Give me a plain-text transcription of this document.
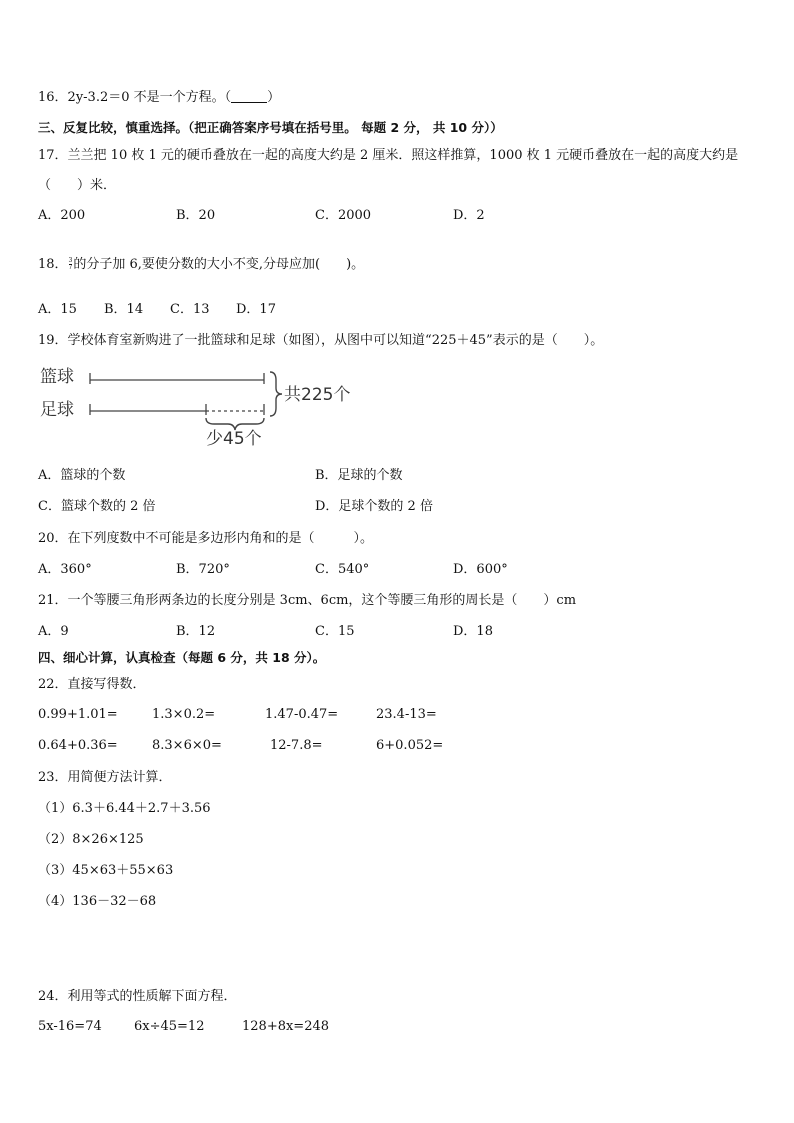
16．2y-3.2＝0 不是一个方程。（	）
三、反复比较，慎重选择。（把正确答案序号填在括号里。 每题 2 分， 共 10 分））
17．兰兰把 10 枚 1 元的硬币叠放在一起的高度大约是 2 厘米．照这样推算，1000 枚 1 元硬币叠放在一起的高度大约是
（　　）米．
A．200	B．20	C．2000	D．2
18． $\frac{3}{7}$ 的分子加 6,要使分数的大小不变,分母应加(　　)。
A．15 B．14 C．13 D．17
19．学校体育室新购进了一批篮球和足球（如图），从图中可以知道“225＋45”表示的是（　　）。
篮球
足球
共225个
少45个
A．篮球的个数	B．足球的个数
C．篮球个数的 2 倍	D．足球个数的 2 倍
20．在下列度数中不可能是多边形内角和的是（　　　）。
A．360°	B．720°	C．540°	D．600°
21．一个等腰三角形两条边的长度分别是 3cm、6cm，这个等腰三角形的周长是（　　）cm
A．9	B．12	C．15	D．18
四、细心计算，认真检查（每题 6 分，共 18 分）。
22．直接写得数．
0.99+1.01=	1.3×0.2=	1.47-0.47=	23.4-13=
0.64+0.36=	8.3×6×0=	12-7.8=	6+0.052=
23．用简便方法计算．
（1）6.3＋6.44＋2.7＋3.56
（2）8×26×125
（3）45×63＋55×63
（4）136－32－68
24．利用等式的性质解下面方程．
5x-16=74 6x÷45=12	128+8x=248
